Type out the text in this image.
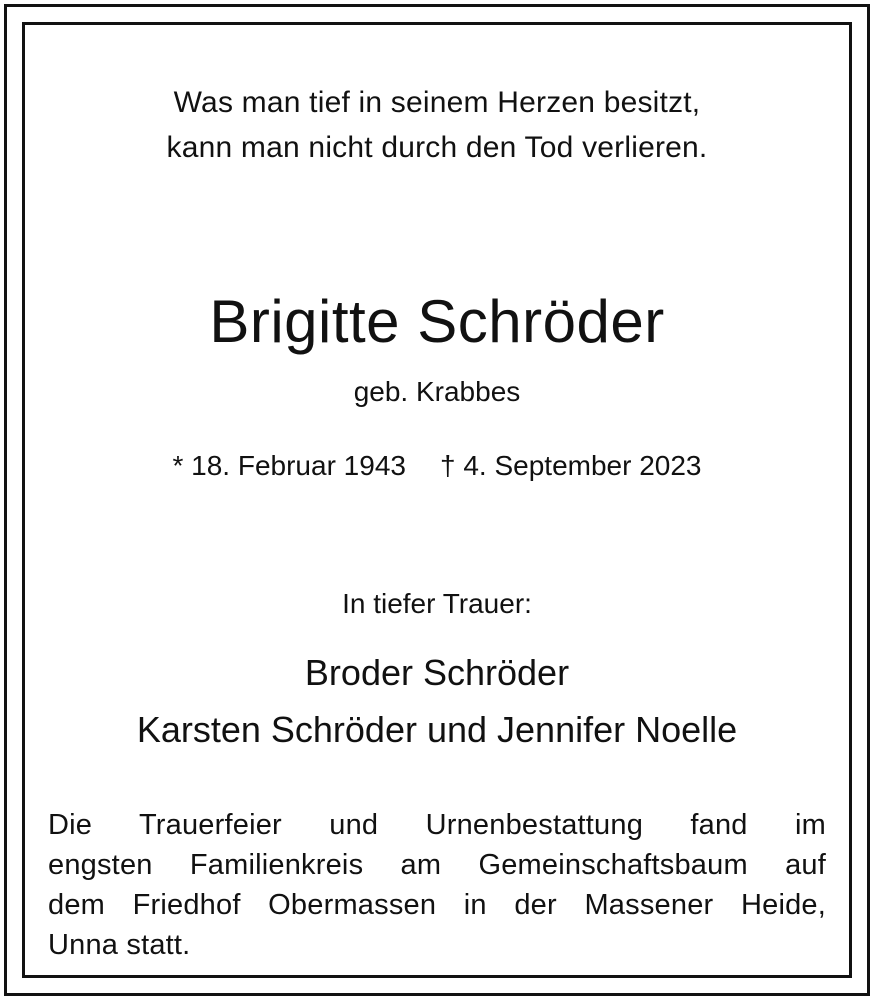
Was man tief in seinem Herzen besitzt,
kann man nicht durch den Tod verlieren.
Brigitte Schröder
geb. Krabbes
* 18. Februar 1943 † 4. September 2023
In tiefer Trauer:
Broder Schröder
Karsten Schröder und Jennifer Noelle
Die Trauerfeier und Urnenbestattung fand im
engsten Familienkreis am Gemeinschaftsbaum auf
dem Friedhof Obermassen in der Massener Heide,
Unna statt.
